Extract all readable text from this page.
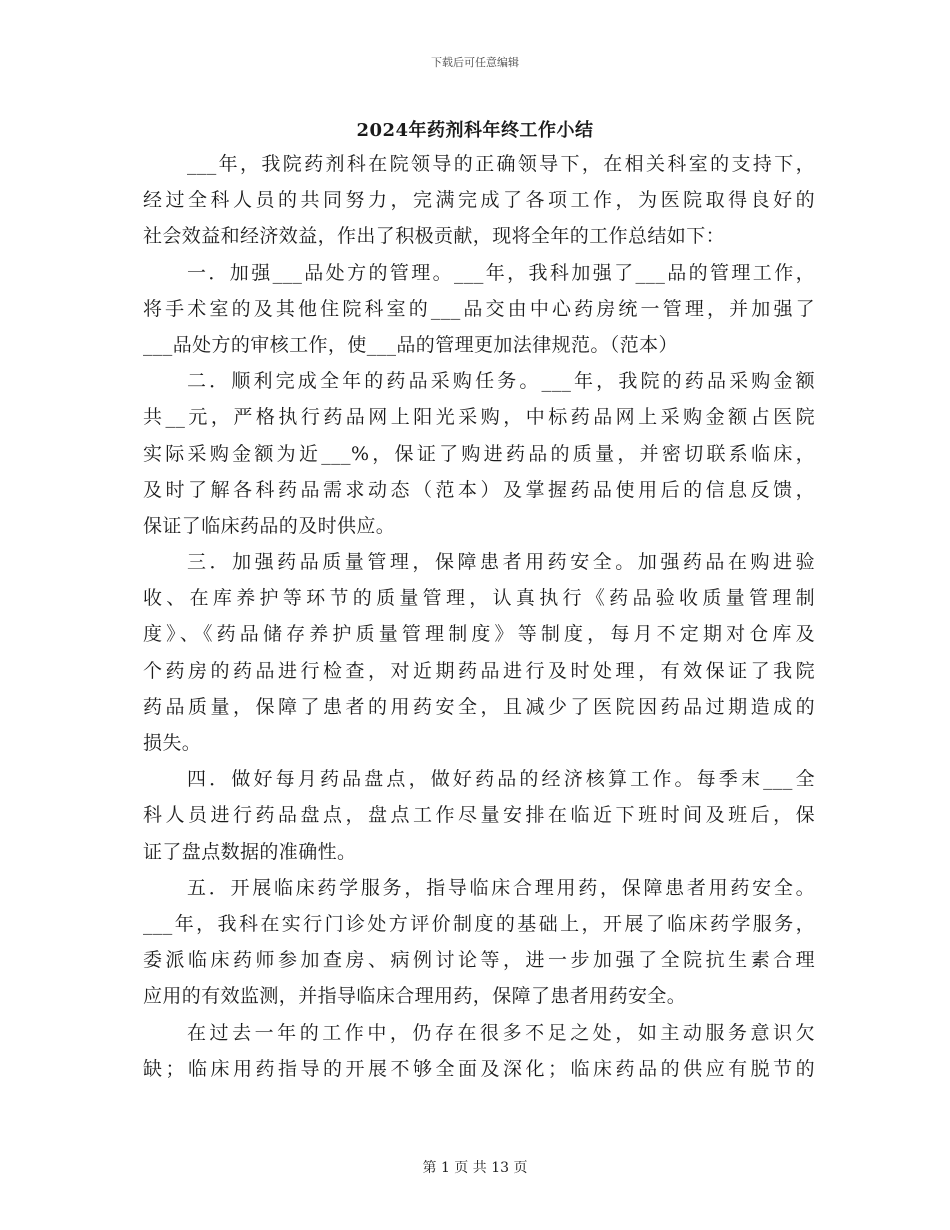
下载后可任意编辑
2024年药剂科年终工作小结
___年，我院药剂科在院领导的正确领导下，在相关科室的支持下，
经过全科人员的共同努力，完满完成了各项工作，为医院取得良好的
社会效益和经济效益，作出了积极贡献，现将全年的工作总结如下：
一．加强___品处方的管理。___年，我科加强了___品的管理工作，
将手术室的及其他住院科室的___品交由中心药房统一管理，并加强了
___品处方的审核工作，使___品的管理更加法律规范。（范本）
二．顺利完成全年的药品采购任务。___年，我院的药品采购金额
共__元，严格执行药品网上阳光采购，中标药品网上采购金额占医院
实际采购金额为近___%，保证了购进药品的质量，并密切联系临床，
及时了解各科药品需求动态（范本）及掌握药品使用后的信息反馈，
保证了临床药品的及时供应。
三．加强药品质量管理，保障患者用药安全。加强药品在购进验
收、在库养护等环节的质量管理，认真执行《药品验收质量管理制
度》、《药品储存养护质量管理制度》等制度，每月不定期对仓库及
个药房的药品进行检查，对近期药品进行及时处理，有效保证了我院
药品质量，保障了患者的用药安全，且减少了医院因药品过期造成的
损失。
四．做好每月药品盘点，做好药品的经济核算工作。每季末___全
科人员进行药品盘点，盘点工作尽量安排在临近下班时间及班后，保
证了盘点数据的准确性。
五．开展临床药学服务，指导临床合理用药，保障患者用药安全。
___年，我科在实行门诊处方评价制度的基础上，开展了临床药学服务，
委派临床药师参加查房、病例讨论等，进一步加强了全院抗生素合理
应用的有效监测，并指导临床合理用药，保障了患者用药安全。
在过去一年的工作中，仍存在很多不足之处，如主动服务意识欠
缺；临床用药指导的开展不够全面及深化；临床药品的供应有脱节的
第 1 页 共 13 页
